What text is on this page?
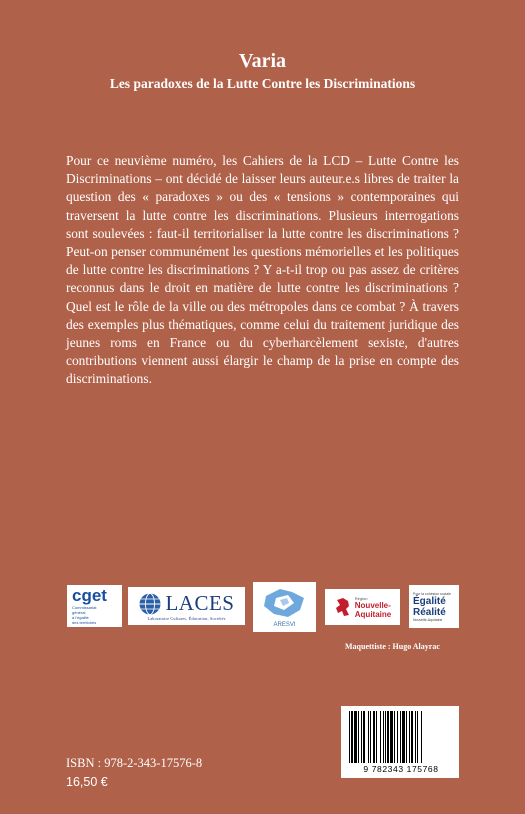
Varia
Les paradoxes de la Lutte Contre les Discriminations
Pour ce neuvième numéro, les Cahiers de la LCD – Lutte Contre les Discriminations – ont décidé de laisser leurs auteur.e.s libres de traiter la question des « paradoxes » ou des « tensions » contemporaines qui traversent la lutte contre les discriminations. Plusieurs interrogations sont soulevées : faut-il territorialiser la lutte contre les discriminations ? Peut-on penser communément les questions mémorielles et les politiques de lutte contre les discriminations ? Y a-t-il trop ou pas assez de critères reconnus dans le droit en matière de lutte contre les discriminations ? Quel est le rôle de la ville ou des métropoles dans ce combat ? À travers des exemples plus thématiques, comme celui du traitement juridique des jeunes roms en France ou du cyberharcèlement sexiste, d'autres contributions viennent aussi élargir le champ de la prise en compte des discriminations.
cget
Commissariat
général
à l'égalité
des territoires
LACES
Laboratoire Cultures, Éducation, Sociétés
ARESVI
Région
Nouvelle-
Aquitaine
Pour la cohésion sociale
Égalité
Réalité
Nouvelle-Aquitaine
Maquettiste : Hugo Alayrac
ISBN : 978-2-343-17576-8
16,50 €
9 782343 175768
